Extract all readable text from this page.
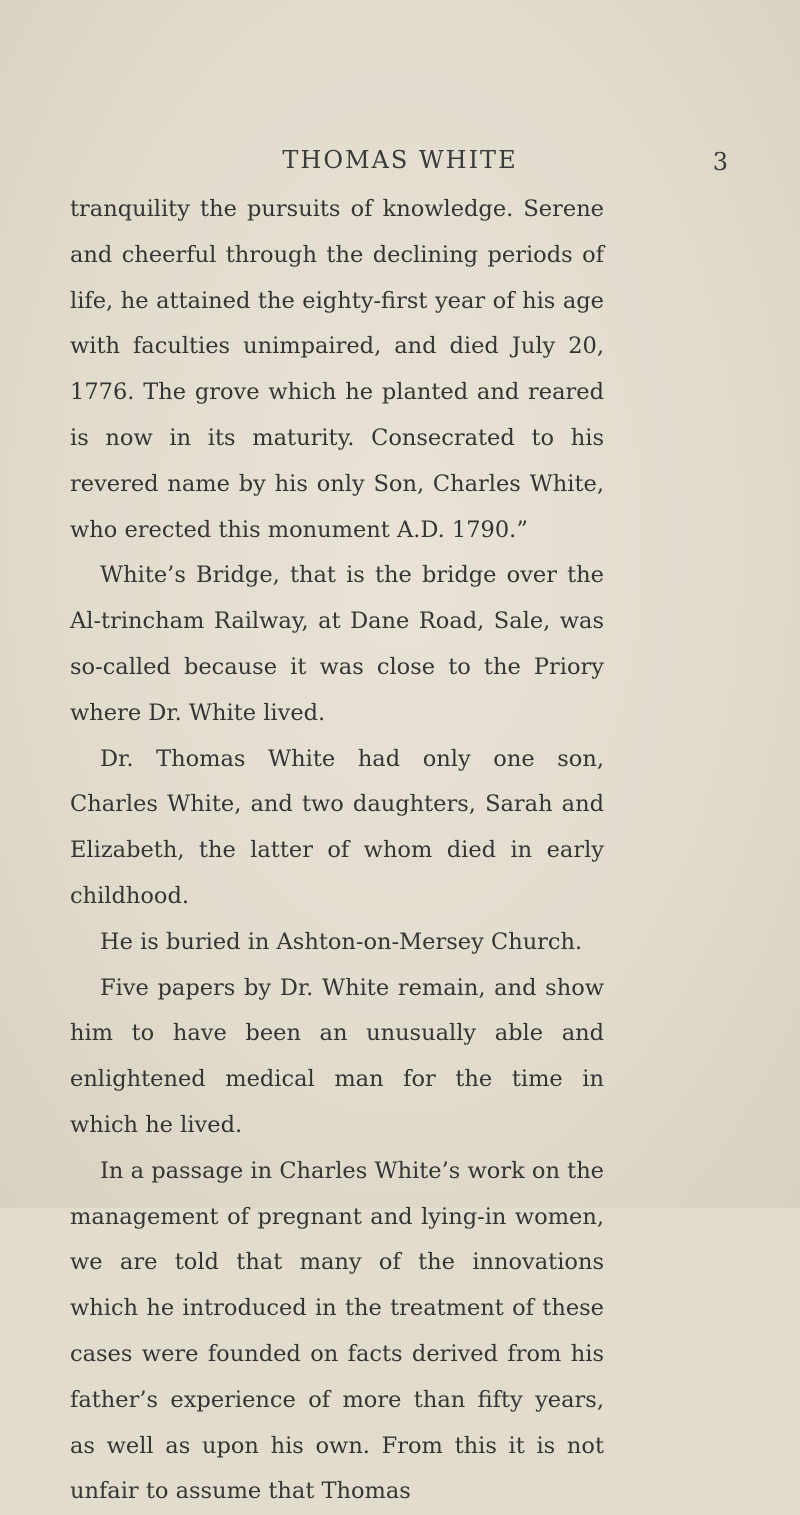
THOMAS WHITE	3

tranquility the pursuits of knowledge. Serene and cheerful through the declining periods of life, he attained the eighty-first year of his age with faculties unimpaired, and died July 20, 1776. The grove which he planted and reared is now in its maturity. Consecrated to his revered name by his only Son, Charles White, who erected this monument A.D. 1790.”

White’s Bridge, that is the bridge over the Al-trincham Railway, at Dane Road, Sale, was so-called because it was close to the Priory where Dr. White lived.

Dr. Thomas White had only one son, Charles White, and two daughters, Sarah and Elizabeth, the latter of whom died in early childhood.

He is buried in Ashton-on-Mersey Church.

Five papers by Dr. White remain, and show him to have been an unusually able and enlightened medical man for the time in which he lived.

In a passage in Charles White’s work on the management of pregnant and lying-in women, we are told that many of the innovations which he introduced in the treatment of these cases were founded on facts derived from his father’s experience of more than fifty years, as well as upon his own. From this it is not unfair to assume that Thomas
